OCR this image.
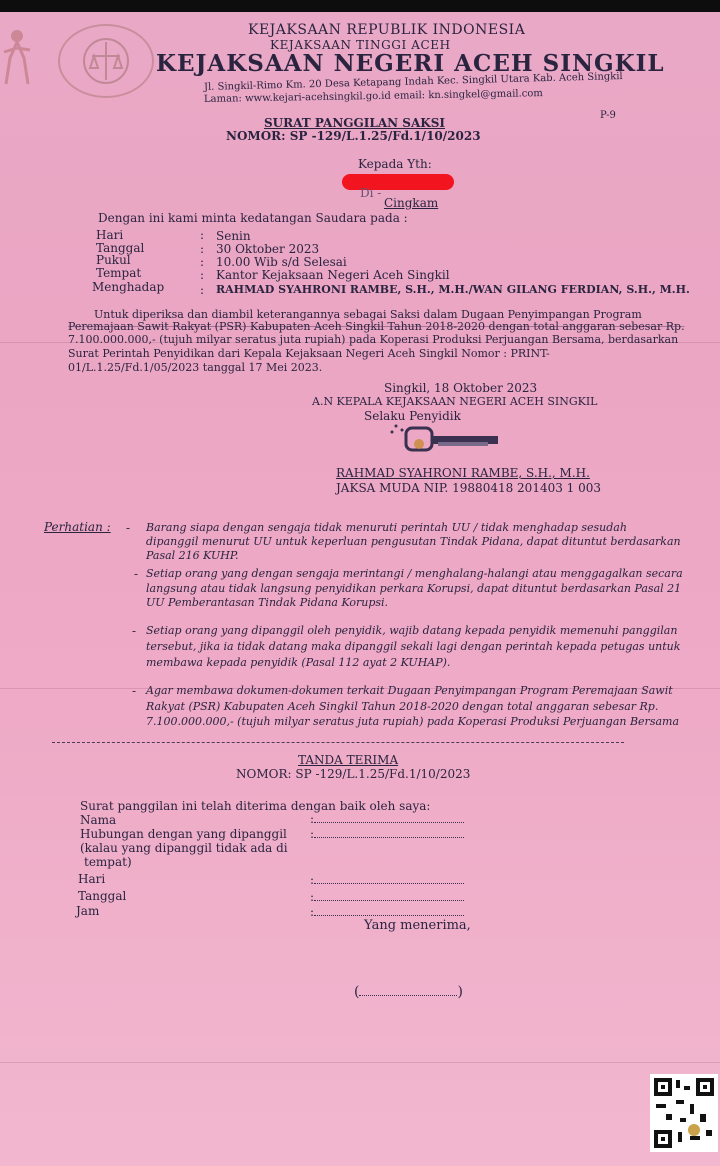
KEJAKSAAN REPUBLIK INDONESIA
KEJAKSAAN TINGGI ACEH
KEJAKSAAN NEGERI ACEH SINGKIL
Jl. Singkil-Rimo Km. 20 Desa Ketapang Indah Kec. Singkil Utara Kab. Aceh Singkil
Laman: www.kejari-acehsingkil.go.id email: kn.singkel@gmail.com
P-9
SURAT PANGGILAN SAKSI
NOMOR: SP -129/L.1.25/Fd.1/10/2023
Kepada Yth:
Di -
Cingkam
Dengan ini kami minta kedatangan Saudara pada :
Hari	: Senin
Tanggal	: 30 Oktober 2023
Pukul	: 10.00 Wib s/d Selesai
Tempat	: Kantor Kejaksaan Negeri Aceh Singkil
Menghadap	: RAHMAD SYAHRONI RAMBE, S.H., M.H./WAN GILANG FERDIAN, S.H., M.H.
Untuk diperiksa dan diambil keterangannya sebagai Saksi dalam Dugaan Penyimpangan Program
Peremajaan Sawit Rakyat (PSR) Kabupaten Aceh Singkil Tahun 2018-2020 dengan total anggaran sebesar Rp.
7.100.000.000,- (tujuh milyar seratus juta rupiah) pada Koperasi Produksi Perjuangan Bersama, berdasarkan
Surat Perintah Penyidikan dari Kepala Kejaksaan Negeri Aceh Singkil Nomor : PRINT-
01/L.1.25/Fd.1/05/2023 tanggal 17 Mei 2023.
Singkil, 18 Oktober 2023
A.N KEPALA KEJAKSAAN NEGERI ACEH SINGKIL
Selaku Penyidik
RAHMAD SYAHRONI RAMBE, S.H., M.H.
JAKSA MUDA NIP. 19880418 201403 1 003
Perhatian : - Barang siapa dengan sengaja tidak menuruti perintah UU / tidak menghadap sesudah
dipanggil menurut UU untuk keperluan pengusutan Tindak Pidana, dapat dituntut berdasarkan
Pasal 216 KUHP.
- Setiap orang yang dengan sengaja merintangi / menghalang-halangi atau menggagalkan secara
langsung atau tidak langsung penyidikan perkara Korupsi, dapat dituntut berdasarkan Pasal 21
UU Pemberantasan Tindak Pidana Korupsi.
- Setiap orang yang dipanggil oleh penyidik, wajib datang kepada penyidik memenuhi panggilan
tersebut, jika ia tidak datang maka dipanggil sekali lagi dengan perintah kepada petugas untuk
membawa kepada penyidik (Pasal 112 ayat 2 KUHAP).
- Agar membawa dokumen-dokumen terkait Dugaan Penyimpangan Program Peremajaan Sawit
Rakyat (PSR) Kabupaten Aceh Singkil Tahun 2018-2020 dengan total anggaran sebesar Rp.
7.100.000.000,- (tujuh milyar seratus juta rupiah) pada Koperasi Produksi Perjuangan Bersama
TANDA TERIMA
NOMOR: SP -129/L.1.25/Fd.1/10/2023
Surat panggilan ini telah diterima dengan baik oleh saya:
Nama	:
Hubungan dengan yang dipanggil :
(kalau yang dipanggil tidak ada di
tempat)
Hari	:
Tanggal	:
Jam	:
Yang menerima,
(	)
